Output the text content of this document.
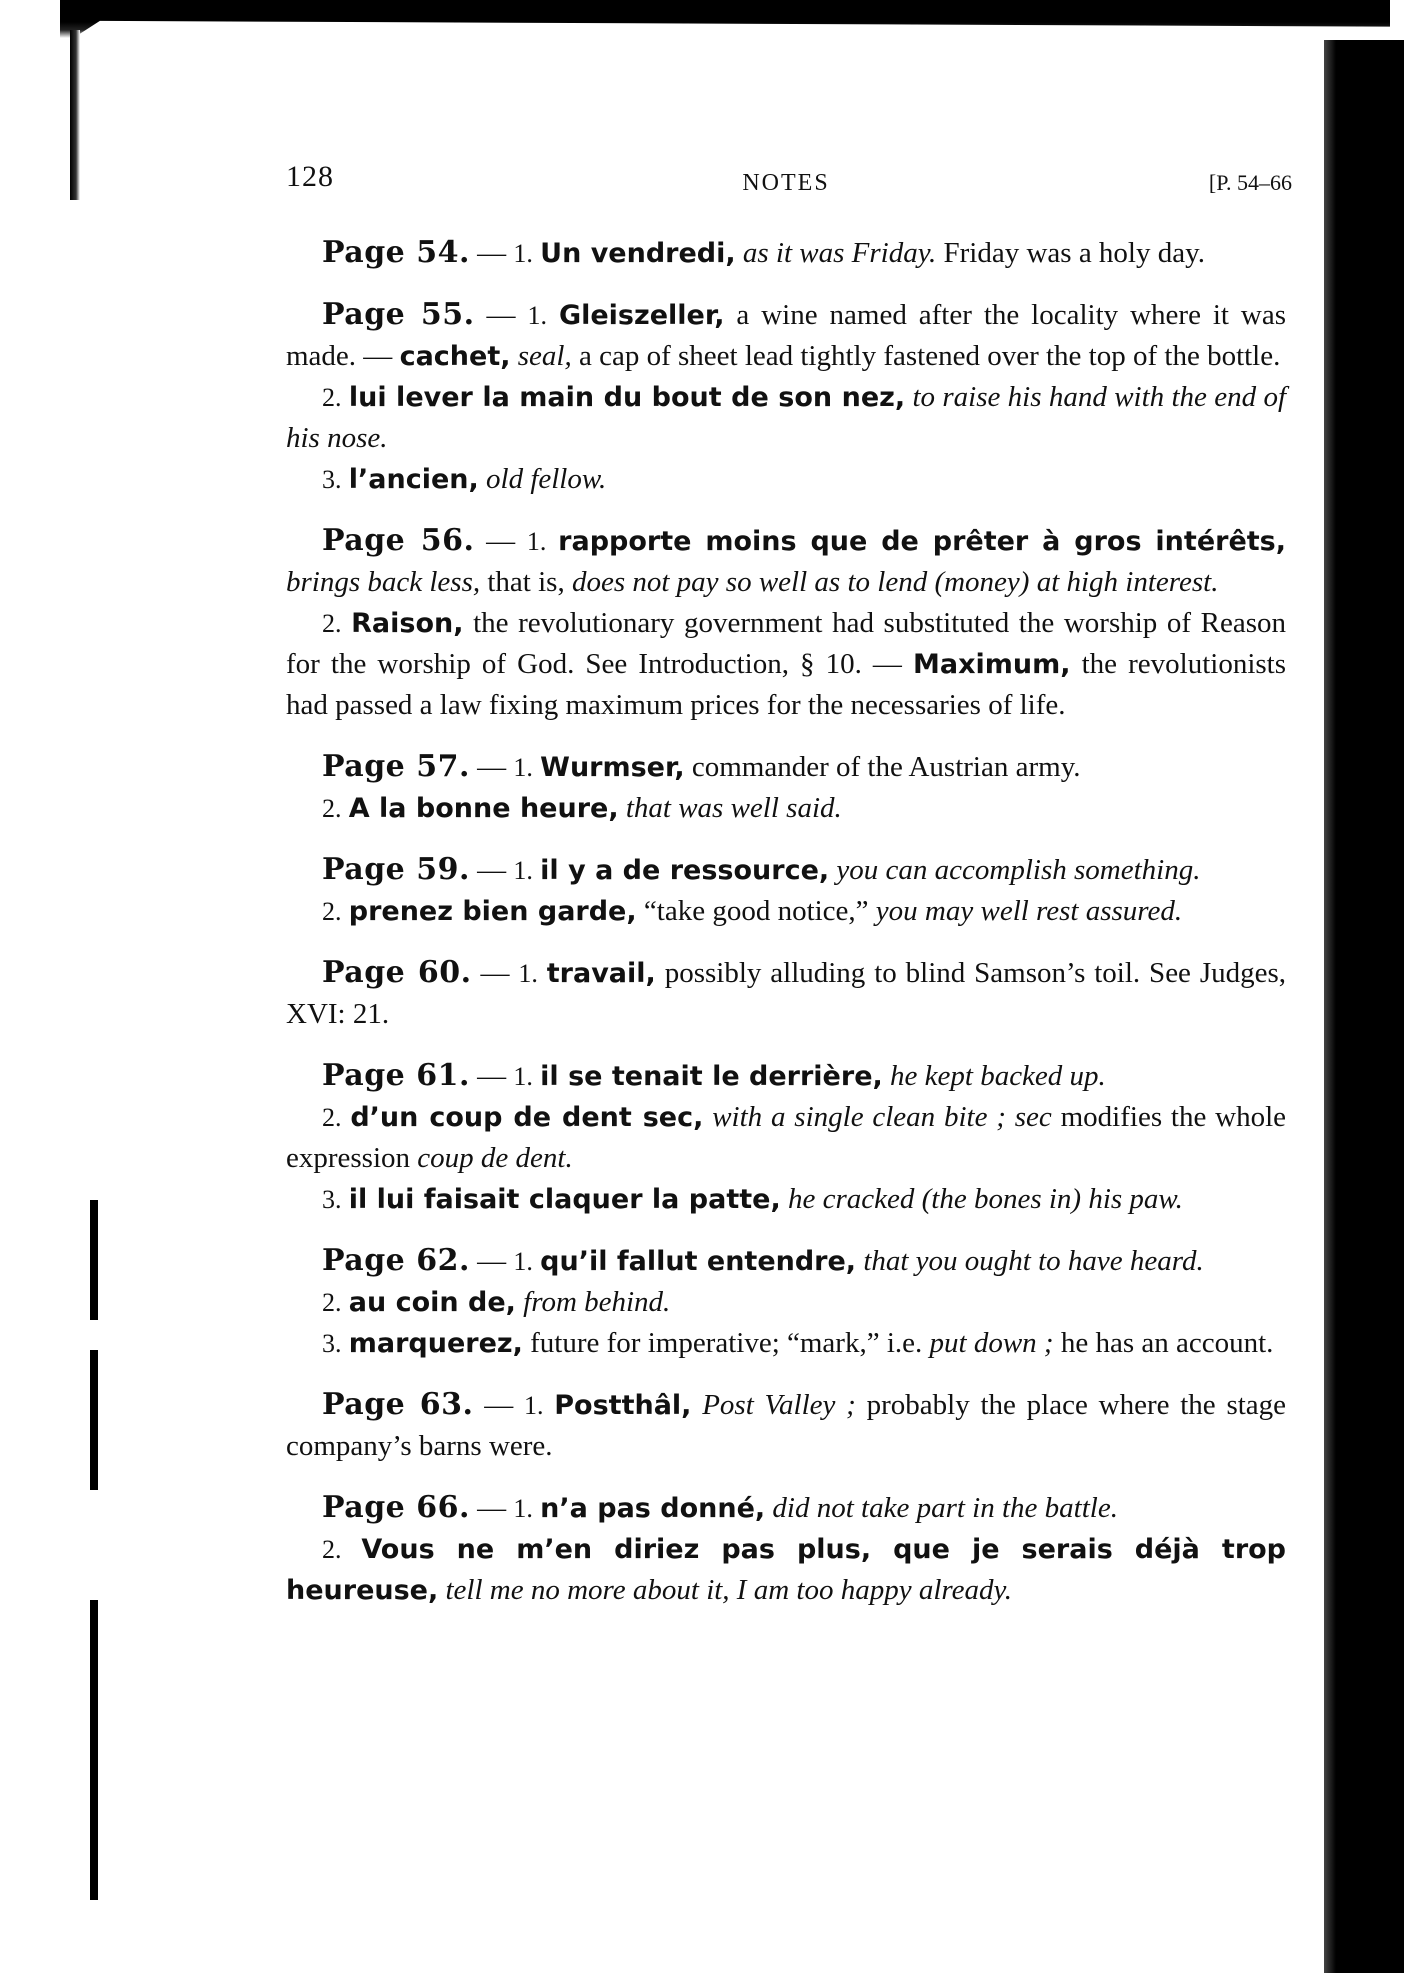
128	NOTES	[P. 54–66

Page 54. — 1. Un vendredi, as it was Friday. Friday was a holy day.

Page 55. — 1. Gleiszeller, a wine named after the locality where it was made. — cachet, seal, a cap of sheet lead tightly fastened over the top of the bottle.

2. lui lever la main du bout de son nez, to raise his hand with the end of his nose.

3. l’ancien, old fellow.

Page 56. — 1. rapporte moins que de prêter à gros intérêts, brings back less, that is, does not pay so well as to lend (money) at high interest.

2. Raison, the revolutionary government had substituted the worship of Reason for the worship of God. See Introduction, § 10. — Maximum, the revolutionists had passed a law fixing maximum prices for the necessaries of life.

Page 57. — 1. Wurmser, commander of the Austrian army.

2. A la bonne heure, that was well said.

Page 59. — 1. il y a de ressource, you can accomplish something.

2. prenez bien garde, “take good notice,” you may well rest assured.

Page 60. — 1. travail, possibly alluding to blind Samson’s toil. See Judges, XVI: 21.

Page 61. — 1. il se tenait le derrière, he kept backed up.

2. d’un coup de dent sec, with a single clean bite ; sec modifies the whole expression coup de dent.

3. il lui faisait claquer la patte, he cracked (the bones in) his paw.

Page 62. — 1. qu’il fallut entendre, that you ought to have heard.

2. au coin de, from behind.

3. marquerez, future for imperative; “mark,” i.e. put down ; he has an account.

Page 63. — 1. Postthâl, Post Valley ; probably the place where the stage company’s barns were.

Page 66. — 1. n’a pas donné, did not take part in the battle.

2. Vous ne m’en diriez pas plus, que je serais déjà trop heureuse, tell me no more about it, I am too happy already.
